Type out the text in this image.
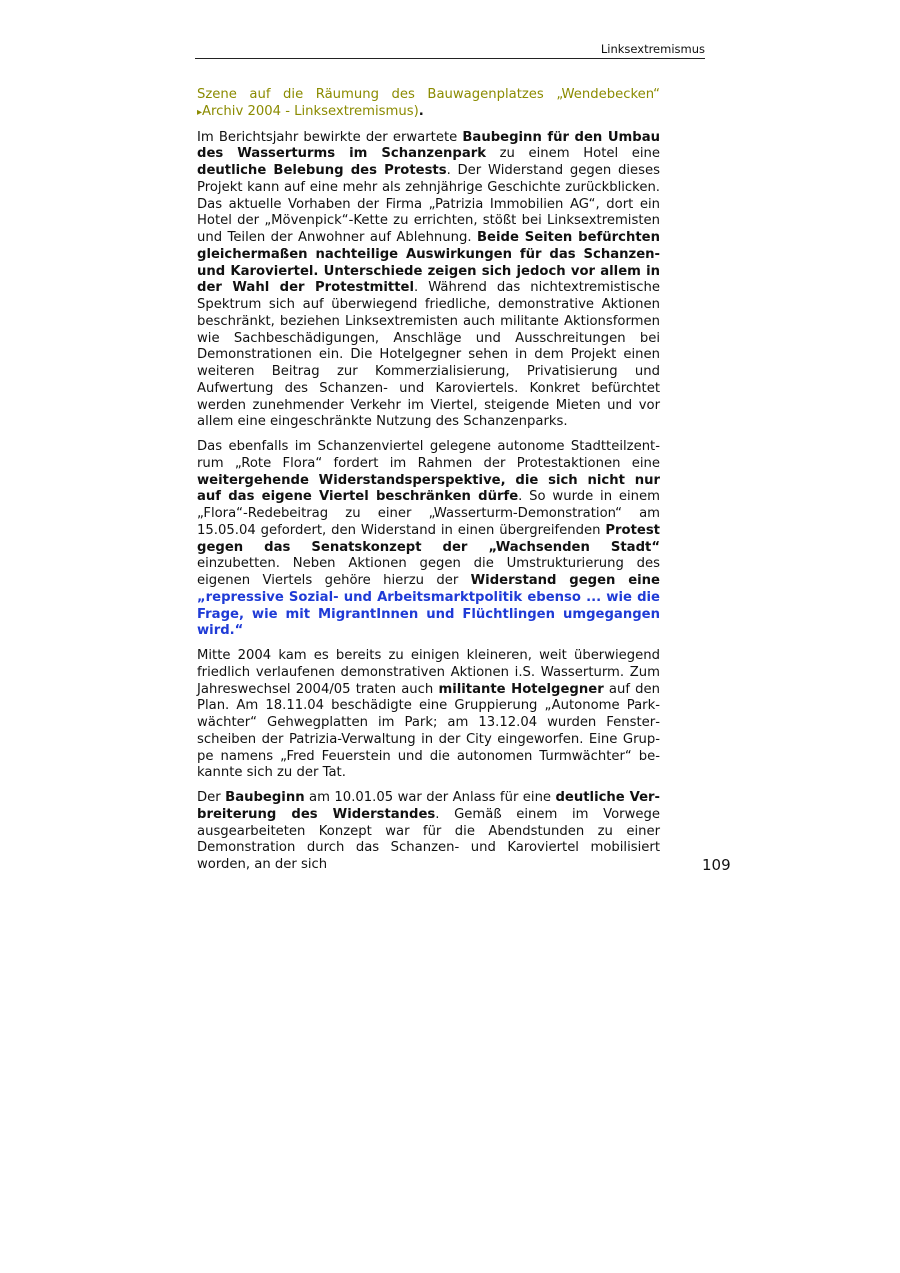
Linksextremismus

Szene auf die Räumung des Bauwagenplatzes „Wendebecken“ ▸Archiv 2004 - Linksextremismus).

Im Berichtsjahr bewirkte der erwartete Baubeginn für den Umbau des Wasserturms im Schanzenpark zu einem Hotel eine deutliche Belebung des Protests. Der Widerstand gegen dieses Projekt kann auf eine mehr als zehnjährige Geschichte zurückblicken. Das aktuelle Vorhaben der Firma „Patrizia Immobilien AG“, dort ein Hotel der „Mövenpick“-Kette zu errichten, stößt bei Linksextremisten und Teilen der Anwohner auf Ablehnung. Beide Seiten befürchten gleichermaßen nachteilige Auswirkungen für das Schanzen- und Karoviertel. Unterschiede zeigen sich jedoch vor allem in der Wahl der Protestmittel. Während das nichtextremistische Spektrum sich auf überwiegend friedliche, demonstrative Aktionen beschränkt, beziehen Linksextremisten auch militante Aktionsformen wie Sachbeschädigungen, Anschläge und Ausschreitungen bei Demonstrationen ein. Die Hotelgegner sehen in dem Projekt einen weiteren Beitrag zur Kommerzialisierung, Privatisierung und Aufwertung des Schanzen- und Karoviertels. Konkret befürchtet werden zunehmender Verkehr im Viertel, steigende Mieten und vor allem eine eingeschränkte Nutzung des Schanzenparks.

Das ebenfalls im Schanzenviertel gelegene autonome Stadtteilzentrum „Rote Flora“ fordert im Rahmen der Protestaktionen eine weitergehende Widerstandsperspektive, die sich nicht nur auf das eigene Viertel beschränken dürfe. So wurde in einem „Flora“-Redebeitrag zu einer „Wasserturm-Demonstration“ am 15.05.04 gefordert, den Widerstand in einen übergreifenden Protest gegen das Senatskonzept der „Wachsenden Stadt“ einzubetten. Neben Aktionen gegen die Umstrukturierung des eigenen Viertels gehöre hierzu der Widerstand gegen eine „repressive Sozial- und Arbeitsmarktpolitik ebenso ... wie die Frage, wie mit MigrantInnen und Flüchtlingen umgegangen wird.“

Mitte 2004 kam es bereits zu einigen kleineren, weit überwiegend friedlich verlaufenen demonstrativen Aktionen i.S. Wasserturm. Zum Jahreswechsel 2004/05 traten auch militante Hotelgegner auf den Plan. Am 18.11.04 beschädigte eine Gruppierung „Autonome Parkwächter“ Gehwegplatten im Park; am 13.12.04 wurden Fensterscheiben der Patrizia-Verwaltung in der City eingeworfen. Eine Gruppe namens „Fred Feuerstein und die autonomen Turmwächter“ bekannte sich zu der Tat.

Der Baubeginn am 10.01.05 war der Anlass für eine deutliche Verbreiterung des Widerstandes. Gemäß einem im Vorwege ausgearbeiteten Konzept war für die Abendstunden zu einer Demonstration durch das Schanzen- und Karoviertel mobilisiert worden, an der sich	109
